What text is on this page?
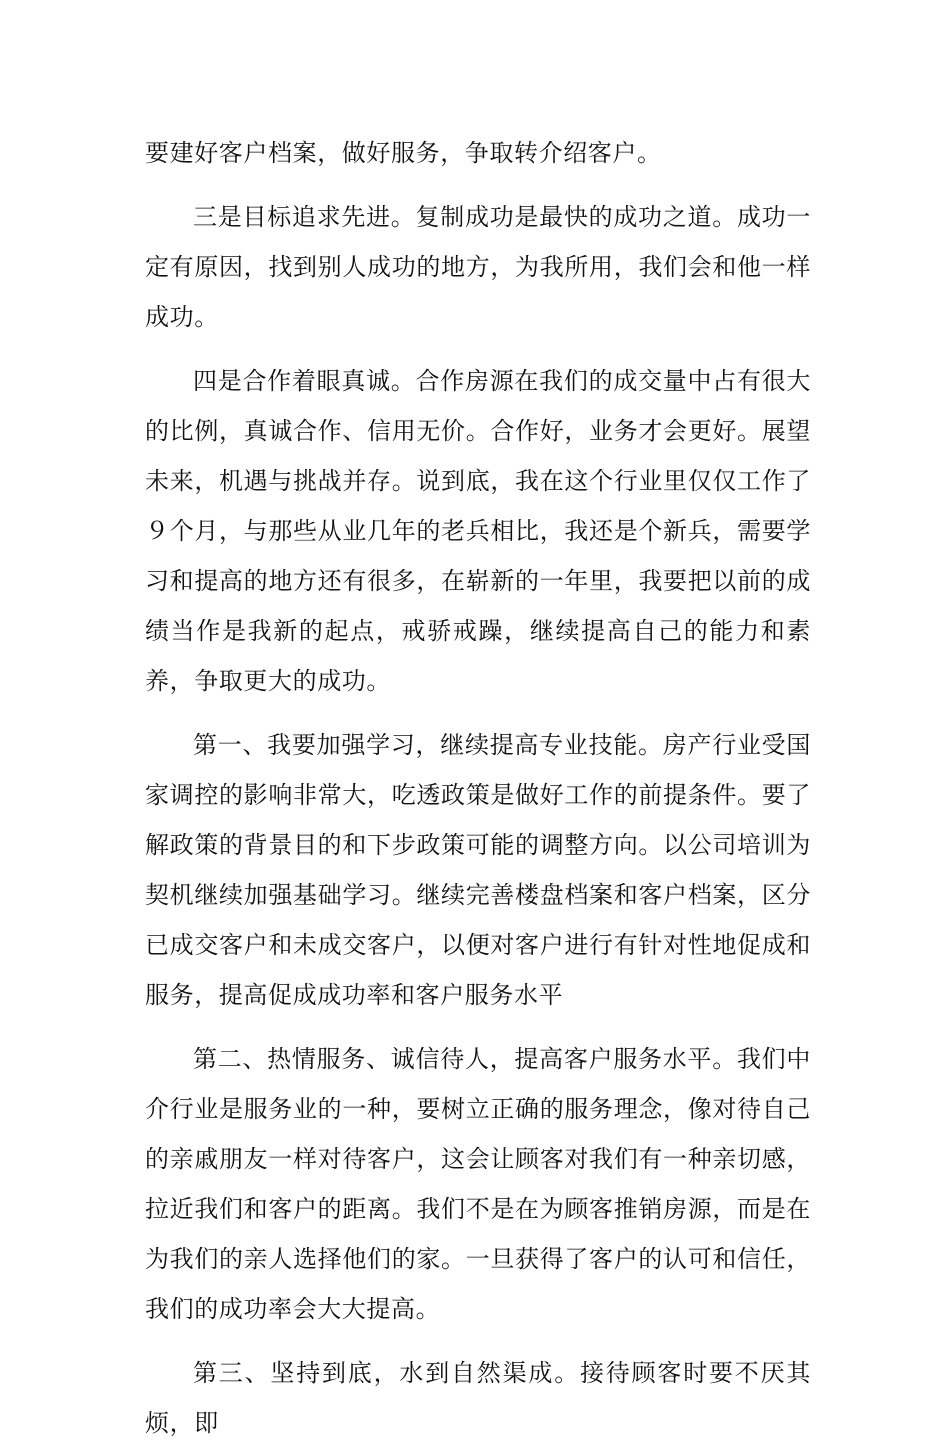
要建好客户档案，做好服务，争取转介绍客户。

三是目标追求先进。复制成功是最快的成功之道。成功一定有原因，找到别人成功的地方，为我所用，我们会和他一样成功。

四是合作着眼真诚。合作房源在我们的成交量中占有很大的比例，真诚合作、信用无价。合作好，业务才会更好。展望未来，机遇与挑战并存。说到底，我在这个行业里仅仅工作了９个月，与那些从业几年的老兵相比，我还是个新兵，需要学习和提高的地方还有很多，在崭新的一年里，我要把以前的成绩当作是我新的起点，戒骄戒躁，继续提高自己的能力和素养，争取更大的成功。

第一、我要加强学习，继续提高专业技能。房产行业受国家调控的影响非常大，吃透政策是做好工作的前提条件。要了解政策的背景目的和下步政策可能的调整方向。以公司培训为契机继续加强基础学习。继续完善楼盘档案和客户档案，区分已成交客户和未成交客户，以便对客户进行有针对性地促成和服务，提高促成成功率和客户服务水平

第二、热情服务、诚信待人，提高客户服务水平。我们中介行业是服务业的一种，要树立正确的服务理念，像对待自己的亲戚朋友一样对待客户，这会让顾客对我们有一种亲切感，拉近我们和客户的距离。我们不是在为顾客推销房源，而是在为我们的亲人选择他们的家。一旦获得了客户的认可和信任，我们的成功率会大大提高。

第三、坚持到底，水到自然渠成。接待顾客时要不厌其烦，即
